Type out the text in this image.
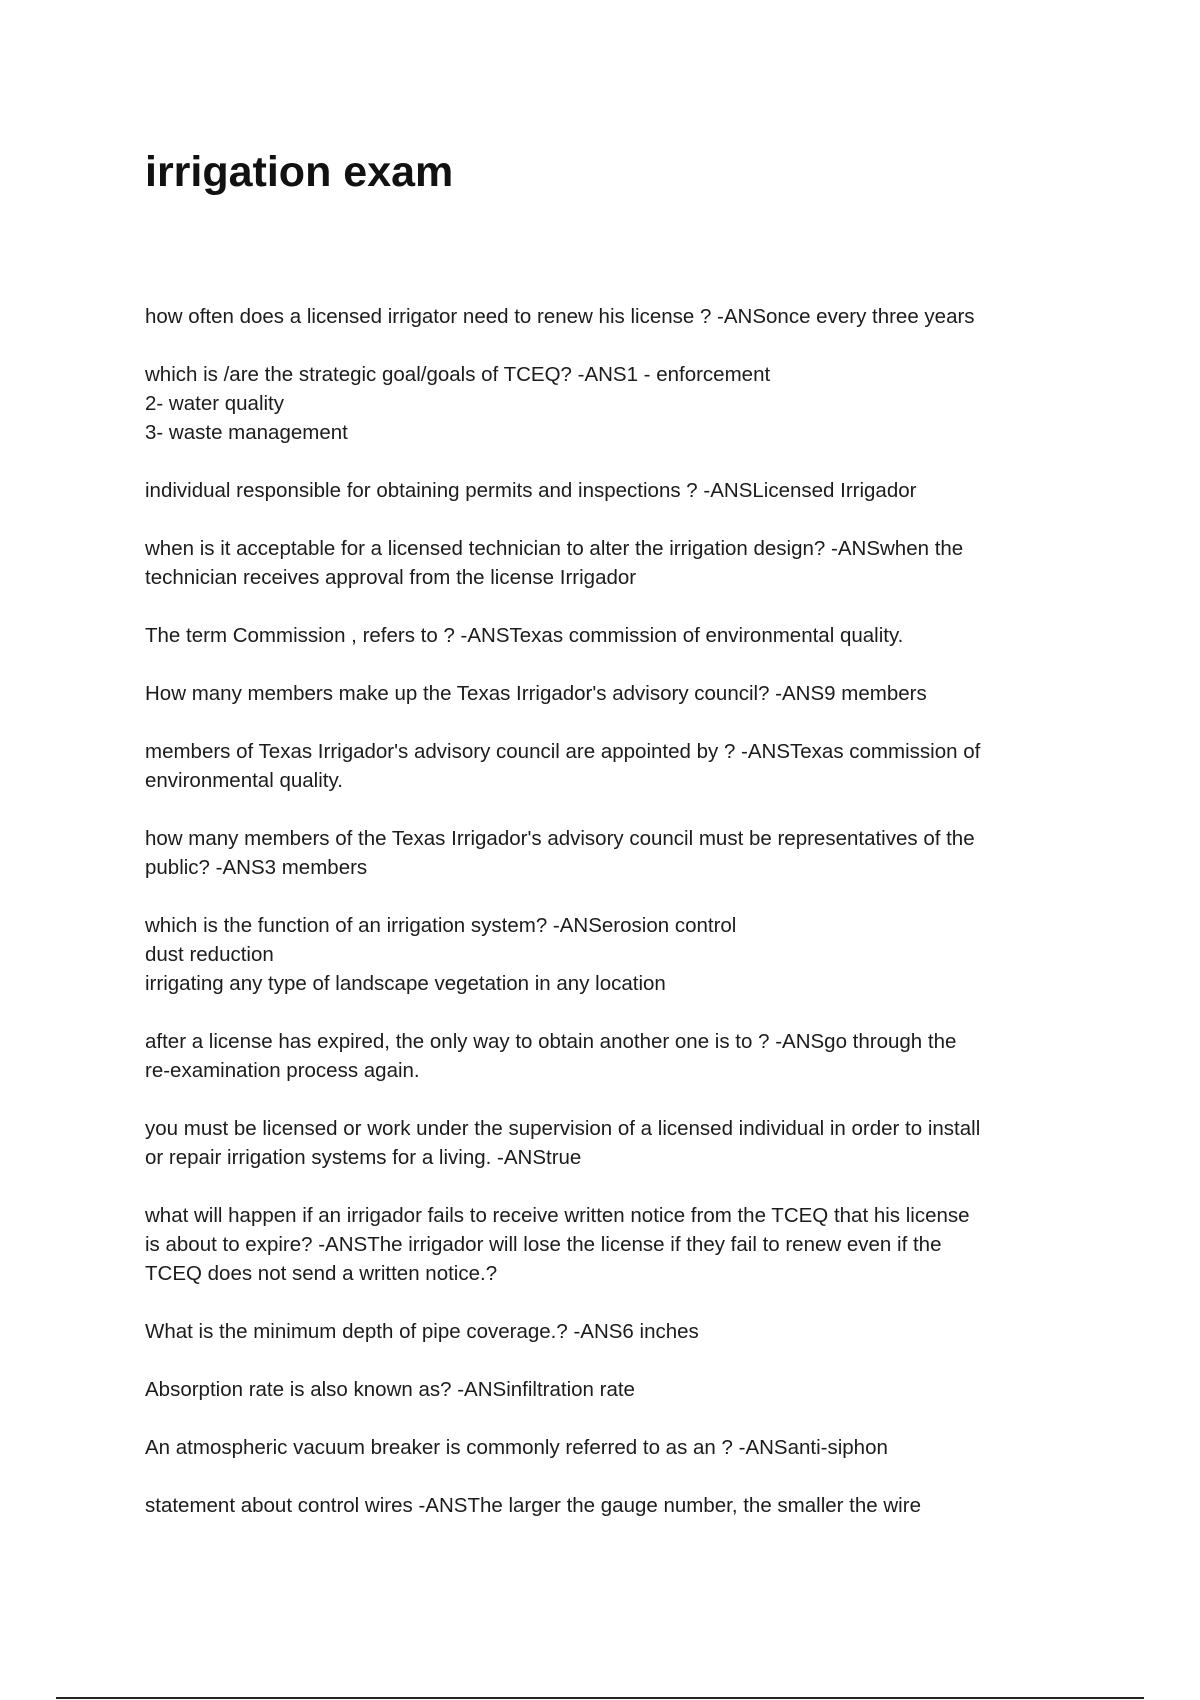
irrigation exam

how often does a licensed irrigator need to renew his license ? -ANSonce every three years

which is /are the strategic goal/goals of TCEQ? -ANS1 - enforcement
2- water quality
3- waste management

individual responsible for obtaining permits and inspections ? -ANSLicensed Irrigador

when is it acceptable for a licensed technician to alter the irrigation design? -ANSwhen the
technician receives approval from the license Irrigador

The term Commission , refers to ? -ANSTexas commission of environmental quality.

How many members make up the Texas Irrigador's advisory council? -ANS9 members

members of Texas Irrigador's advisory council are appointed by ? -ANSTexas commission of
environmental quality.

how many members of the Texas Irrigador's advisory council must be representatives of the
public? -ANS3 members

which is the function of an irrigation system? -ANSerosion control
dust reduction
irrigating any type of landscape vegetation in any location

after a license has expired, the only way to obtain another one is to ? -ANSgo through the
re-examination process again.

you must be licensed or work under the supervision of a licensed individual in order to install
or repair irrigation systems for a living. -ANStrue

what will happen if an irrigador fails to receive written notice from the TCEQ that his license
is about to expire? -ANSThe irrigador will lose the license if they fail to renew even if the
TCEQ does not send a written notice.?

What is the minimum depth of pipe coverage.? -ANS6 inches

Absorption rate is also known as? -ANSinfiltration rate

An atmospheric vacuum breaker is commonly referred to as an ? -ANSanti-siphon

statement about control wires -ANSThe larger the gauge number, the smaller the wire
